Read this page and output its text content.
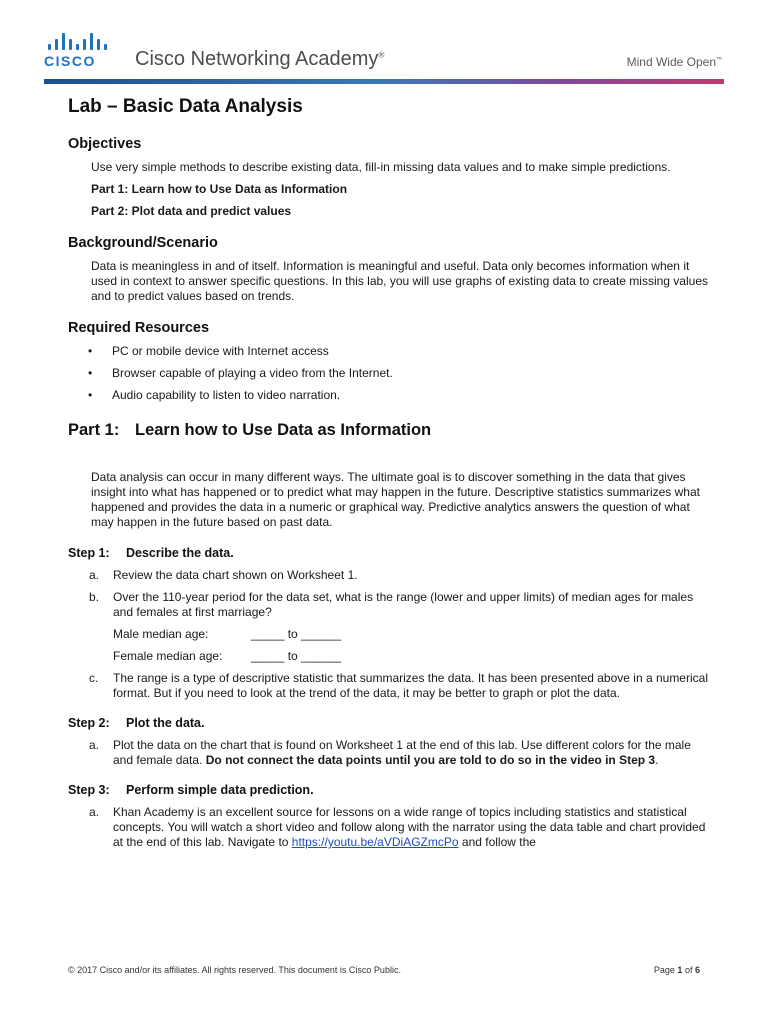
CISCO	Cisco Networking Academy®
Mind Wide Open™
Lab – Basic Data Analysis
Objectives

Use very simple methods to describe existing data, fill-in missing data values and to make simple predictions.

Part 1: Learn how to Use Data as Information

Part 2: Plot data and predict values

Background/Scenario

Data is meaningless in and of itself. Information is meaningful and useful. Data only becomes information when it used in context to answer specific questions. In this lab, you will use graphs of existing data to create missing values and to predict values based on trends.

Required Resources
• PC or mobile device with Internet access
• Browser capable of playing a video from the Internet.
• Audio capability to listen to video narration.
Part 1: Learn how to Use Data as Information

Data analysis can occur in many different ways. The ultimate goal is to discover something in the data that gives insight into what has happened or to predict what may happen in the future. Descriptive statistics summarizes what happened and provides the data in a numeric or graphical way. Predictive analytics answers the question of what may happen in the future based on past data.

Step 1: Describe the data.
a. Review the data chart shown on Worksheet 1.
b. Over the 110-year period for the data set, what is the range (lower and upper limits) of median ages for males and females at first marriage?
Male median age:	_____ to ______
Female median age:	_____ to ______
c. The range is a type of descriptive statistic that summarizes the data. It has been presented above in a numerical format. But if you need to look at the trend of the data, it may be better to graph or plot the data.
Step 2: Plot the data.
a. Plot the data on the chart that is found on Worksheet 1 at the end of this lab. Use different colors for the male and female data. Do not connect the data points until you are told to do so in the video in Step 3.
Step 3: Perform simple data prediction.
a. Khan Academy is an excellent source for lessons on a wide range of topics including statistics and statistical concepts. You will watch a short video and follow along with the narrator using the data table and chart provided at the end of this lab. Navigate to https://youtu.be/aVDiAGZmcPo and follow the
© 2017 Cisco and/or its affiliates. All rights reserved. This document is Cisco Public.	Page 1 of 6
